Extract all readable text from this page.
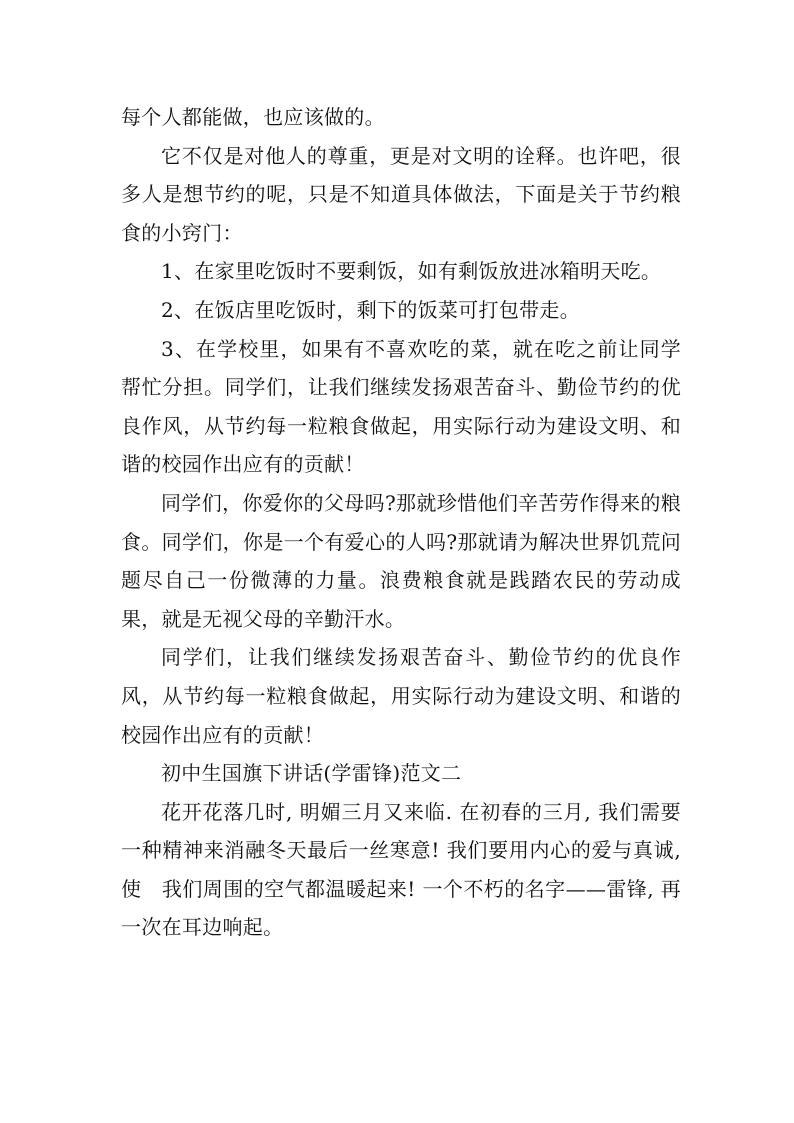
每个人都能做，也应该做的。

它不仅是对他人的尊重，更是对文明的诠释。也许吧，很多人是想节约的呢，只是不知道具体做法，下面是关于节约粮食的小窍门：

1、在家里吃饭时不要剩饭，如有剩饭放进冰箱明天吃。

2、在饭店里吃饭时，剩下的饭菜可打包带走。

3、在学校里，如果有不喜欢吃的菜，就在吃之前让同学帮忙分担。同学们，让我们继续发扬艰苦奋斗、勤俭节约的优良作风，从节约每一粒粮食做起，用实际行动为建设文明、和谐的校园作出应有的贡献！

同学们，你爱你的父母吗?那就珍惜他们辛苦劳作得来的粮食。同学们，你是一个有爱心的人吗?那就请为解决世界饥荒问题尽自己一份微薄的力量。浪费粮食就是践踏农民的劳动成果，就是无视父母的辛勤汗水。

同学们，让我们继续发扬艰苦奋斗、勤俭节约的优良作风，从节约每一粒粮食做起，用实际行动为建设文明、和谐的校园作出应有的贡献！

初中生国旗下讲话(学雷锋)范文二

花开花落几时, 明媚三月又来临. 在初春的三月, 我们需要一种精神来消融冬天最后一丝寒意! 我们要用内心的爱与真诚, 使　我们周围的空气都温暖起来! 一个不朽的名字——雷锋, 再一次在耳边响起。
